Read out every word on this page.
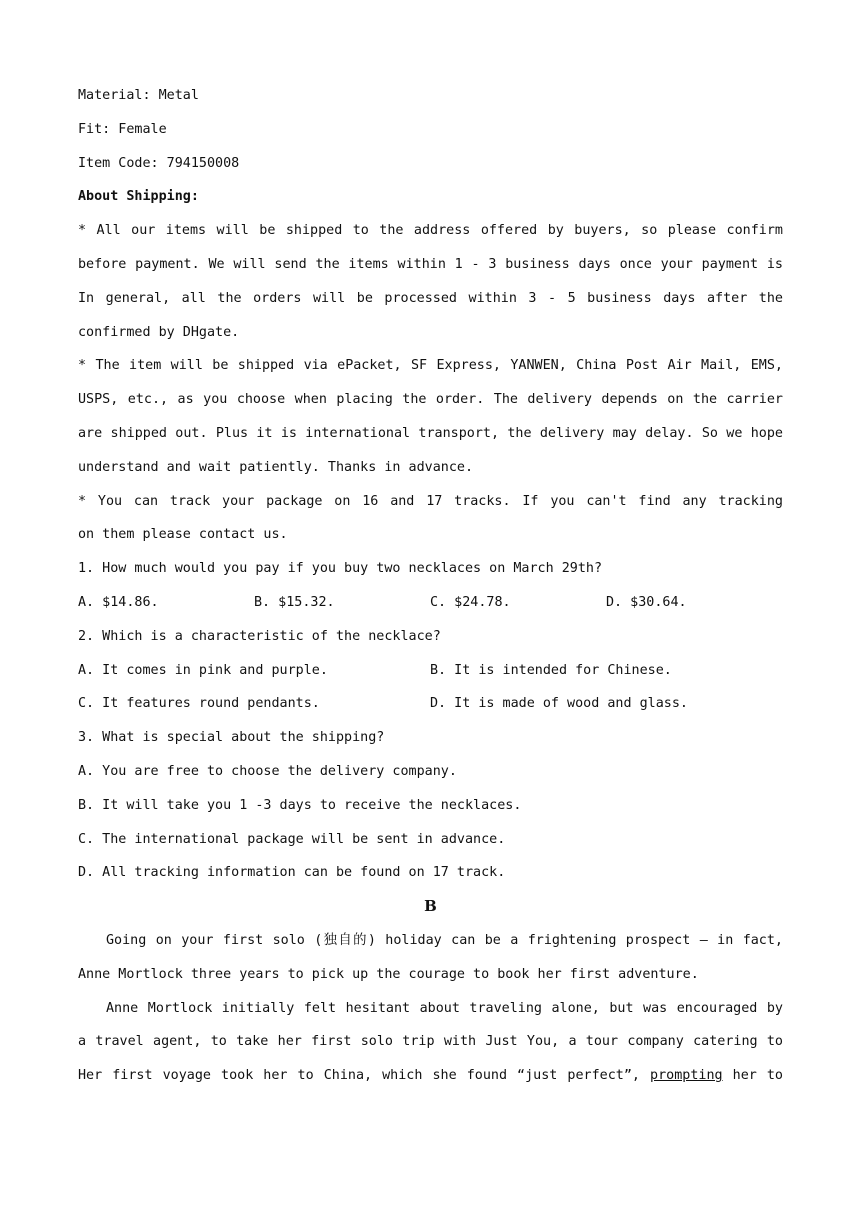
Material: Metal
Fit: Female
Item Code: 794150008
About Shipping:
* All our items will be shipped to the address offered by buyers, so please confirm
before payment. We will send the items within 1 - 3 business days once your payment is
In general, all the orders will be processed within 3 - 5 business days after the
confirmed by DHgate.
* The item will be shipped via ePacket, SF Express, YANWEN, China Post Air Mail, EMS,
USPS, etc., as you choose when placing the order. The delivery depends on the carrier
are shipped out. Plus it is international transport, the delivery may delay. So we hope
understand and wait patiently. Thanks in advance.
* You can track your package on 16 and 17 tracks. If you can't find any tracking
on them please contact us.
1. How much would you pay if you buy two necklaces on March 29th?
A. $14.86.	B. $15.32.	C. $24.78.	D. $30.64.
2. Which is a characteristic of the necklace?
A. It comes in pink and purple.	B. It is intended for Chinese.
C. It features round pendants.	D. It is made of wood and glass.
3. What is special about the shipping?
A. You are free to choose the delivery company.
B. It will take you 1 -3 days to receive the necklaces.
C. The international package will be sent in advance.
D. All tracking information can be found on 17 track.
B
Going on your first solo (独自的) holiday can be a frightening prospect — in fact,
Anne Mortlock three years to pick up the courage to book her first adventure.
Anne Mortlock initially felt hesitant about traveling alone, but was encouraged by
a travel agent, to take her first solo trip with Just You, a tour company catering to
Her first voyage took her to China, which she found “just perfect”, prompting her to
